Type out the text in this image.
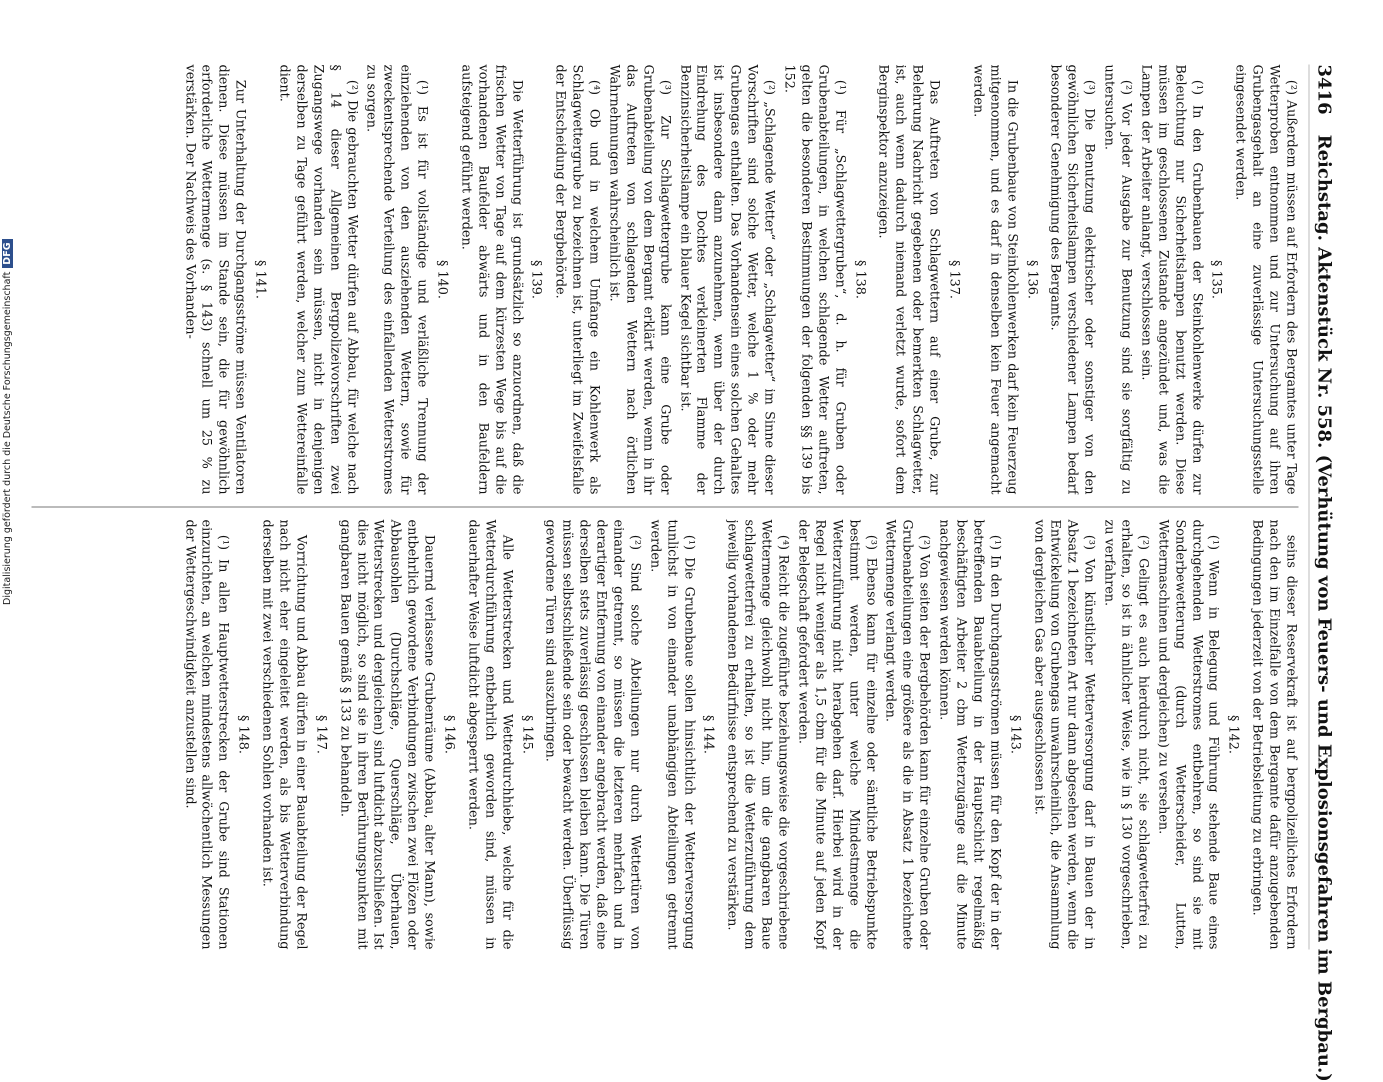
3416
Reichstag. Aktenstück Nr. 558. (Verhütung von Feuers- und Explosionsgefahren im Bergbau.)

(²) Außerdem müssen auf Erfordern des Bergamtes unter Tage Wetterproben entnommen und zur Untersuchung auf ihren Grubengasgehalt an eine zuverlässige Untersuchungsstelle eingesendet werden.

§ 135.

(¹) In den Grubenbauen der Steinkohlenwerke dürfen zur Beleuchtung nur Sicherheitslampen benutzt werden. Diese müssen im geschlossenen Zustande angezündet und, was die Lampen der Arbeiter anlangt, verschlossen sein.

(²) Vor jeder Ausgabe zur Benutzung sind sie sorgfältig zu untersuchen.

(³) Die Benutzung elektrischer oder sonstiger von den gewöhnlichen Sicherheitslampen verschiedener Lampen bedarf besonderer Genehmigung des Bergamts.

§ 136.

In die Grubenbaue von Steinkohlenwerken darf kein Feuerzeug mitgenommen, und es darf in denselben kein Feuer angemacht werden.

§ 137.

Das Auftreten von Schlagwettern auf einer Grube, zur Belehrung Nachricht gegebenen oder bemerkten Schlagwetter, ist, auch wenn dadurch niemand verletzt wurde, sofort dem Berginspektor anzuzeigen.

§ 138.

(¹) Für „Schlagwettergruben“, d. h. für Gruben oder Grubenabteilungen, in welchen schlagende Wetter auftreten, gelten die besonderen Bestimmungen der folgenden §§ 139 bis 152.

(²) „Schlagende Wetter“ oder „Schlagwetter“ im Sinne dieser Vorschriften sind solche Wetter, welche 1 % oder mehr Grubengas enthalten. Das Vorhandensein eines solchen Gehaltes ist insbesondere dann anzunehmen, wenn über der durch Eindrehung des Dochtes verkleinerten Flamme der Benzinsicherheitslampe ein blauer Kegel sichtbar ist.

(³) Zur Schlagwettergrube kann eine Grube oder Grubenabteilung von dem Bergamt erklärt werden, wenn in ihr das Auftreten von schlagenden Wettern nach örtlichen Wahrnehmungen wahrscheinlich ist.

(⁴) Ob und in welchem Umfange ein Kohlenwerk als Schlagwettergrube zu bezeichnen ist, unterliegt im Zweifelsfalle der Entscheidung der Bergbehörde.

§ 139.

Die Wetterführung ist grundsätzlich so anzuordnen, daß die frischen Wetter von Tage auf dem kürzesten Wege bis auf die vorhandenen Baufelder abwärts und in den Baufeldern aufsteigend geführt werden.

§ 140.

(¹) Es ist für vollständige und verläßliche Trennung der einziehenden von den ausziehenden Wettern, sowie für zweckentsprechende Verteilung des einfallenden Wetterstromes zu sorgen.

(²) Die gebrauchten Wetter dürfen auf Abbau, für welche nach § 14 dieser Allgemeinen Bergpolizeivorschriften zwei Zugangswege vorhanden sein müssen, nicht in denjenigen derselben zu Tage geführt werden, welcher zum Wettereinfalle dient.

§ 141.

Zur Unterhaltung der Durchgangsströme müssen Ventilatoren dienen. Diese müssen im Stande sein, die für gewöhnlich erforderliche Wettermenge (s. § 143) schnell um 25 % zu verstärken. Der Nachweis des Vorhanden-

seins dieser Reservekraft ist auf bergpolizeiliches Erfordern nach den im Einzelfalle von dem Bergamte dafür anzugebenden Bedingungen jederzeit von der Betriebsleitung zu erbringen.

§ 142.

(¹) Wenn in Belegung und Führung stehende Baue eines durchgehenden Wetterstromes entbehren, so sind sie mit Sonderbewetterung (durch Wetterscheider, Lutten, Wettermaschinen und dergleichen) zu versehen.

(²) Gelingt es auch hierdurch nicht, sie schlagwetterfrei zu erhalten, so ist in ähnlicher Weise, wie in § 130 vorgeschrieben, zu verfahren.

(³) Von künstlicher Wetterversorgung darf in Bauen der in Absatz 1 bezeichneten Art nur dann abgesehen werden, wenn die Entwickelung von Grubengas unwahrscheinlich, die Ansammlung von dergleichen Gas aber ausgeschlossen ist.

§ 143.

(¹) In den Durchgangsströmen müssen für den Kopf der in der betreffenden Bauabteilung in der Hauptschicht regelmäßig beschäftigten Arbeiter 2 cbm Wetterzugänge auf die Minute nachgewiesen werden können.

(²) Von seiten der Bergbehörden kann für einzelne Gruben oder Grubenabteilungen eine größere als die in Absatz 1 bezeichnete Wettermenge verlangt werden.

(³) Ebenso kann für einzelne oder sämtliche Betriebspunkte bestimmt werden, unter welche Mindestmenge die Wetterzuführung nicht herabgehen darf. Hierbei wird in der Regel nicht weniger als 1,5 cbm für die Minute auf jeden Kopf der Belegschaft gefordert werden.

(⁴) Reicht die zugeführte beziehungsweise die vorgeschriebene Wettermenge gleichwohl nicht hin, um die gangbaren Baue schlagwetterfrei zu erhalten, so ist die Wetterzuführung dem jeweilig vorhandenen Bedürfnisse entsprechend zu verstärken.

§ 144.

(¹) Die Grubenbaue sollen hinsichtlich der Wetterversorgung tunlichst in von einander unabhängigen Abteilungen getrennt werden.

(²) Sind solche Abteilungen nur durch Wettertüren von einander getrennt, so müssen die letzteren mehrfach und in derartiger Entfernung von einander angebracht werden, daß eine derselben stets zuverlässig geschlossen bleiben kann. Die Türen müssen selbstschließende sein oder bewacht werden. Überflüssig gewordene Türen sind auszubringen.

§ 145.

Alle Wetterstrecken und Wetterdurchhiebe, welche für die Wetterdurchführung entbehrlich geworden sind, müssen in dauerhafter Weise luftdicht abgesperrt werden.

§ 146.

Dauernd verlassene Grubenräume (Abbau, alter Mann), sowie entbehrlich gewordene Verbindungen zwischen zwei Flözen oder Abbausohlen (Durchschläge, Querschläge, Überhauen, Wetterstrecken und dergleichen) sind luftdicht abzuschließen. Ist dies nicht möglich, so sind sie in ihren Berührungspunkten mit gangbaren Bauen gemäß § 133 zu behandeln.

§ 147.

Vorrichtung und Abbau dürfen in einer Bauabteilung der Regel nach nicht eher eingeleitet werden, als bis Wetterverbindung derselben mit zwei verschiedenen Sohlen vorhanden ist.

§ 148.

(¹) In allen Hauptwetterstrecken der Grube sind Stationen einzurichten, an welchen mindestens allwöchentlich Messungen der Wettergeschwindigkeit anzustellen sind.

Digitalisierung gefördert durch die Deutsche ForschungsgemeinschaftDFG
